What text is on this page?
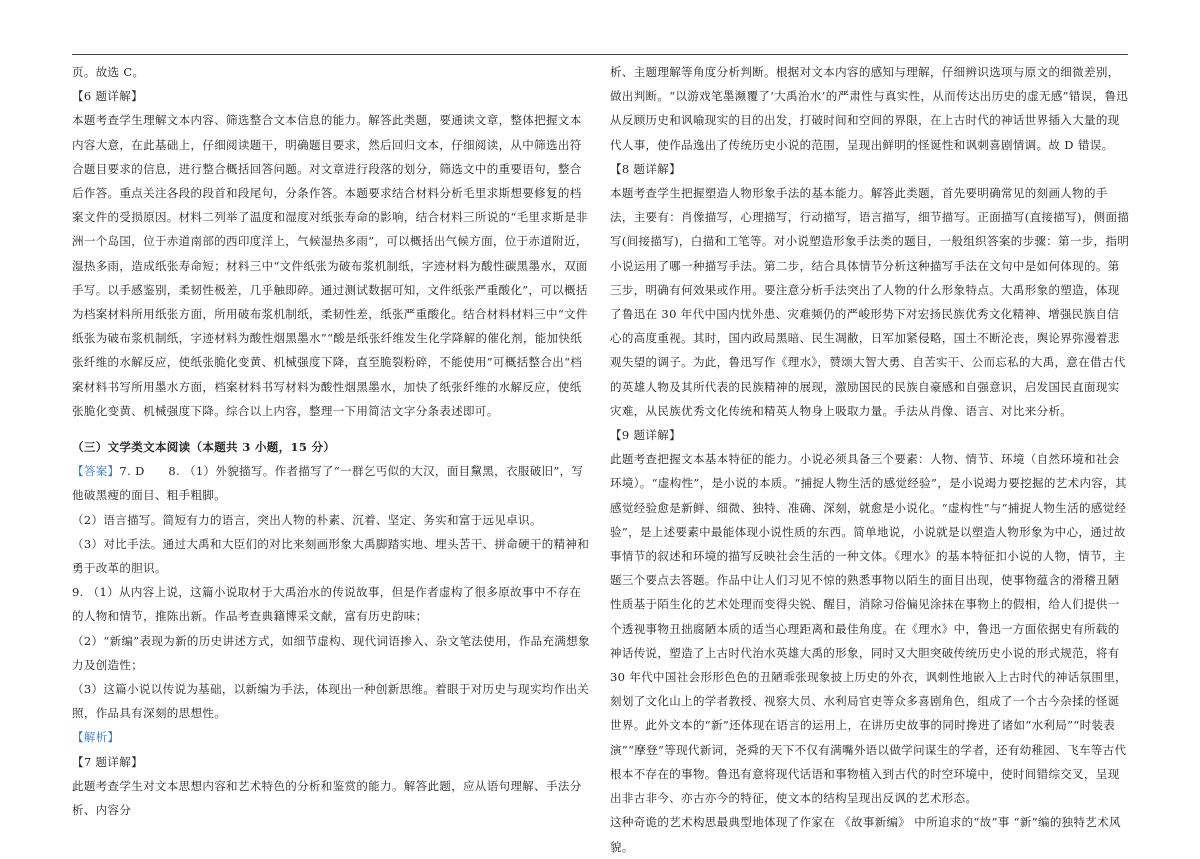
页。故选 C。

【6 题详解】

本题考查学生理解文本内容、筛选整合文本信息的能力。解答此类题，要通读文章，整体把握文本内容大意，在此基础上，仔细阅读题干，明确题目要求，然后回归文本，仔细阅读，从中筛选出符合题目要求的信息，进行整合概括回答问题。对文章进行段落的划分，筛选文中的重要语句，整合后作答。重点关注各段的段首和段尾句，分条作答。本题要求结合材料分析毛里求斯想要修复的档案文件的受损原因。材料二列举了温度和湿度对纸张寿命的影响，结合材料三所说的“毛里求斯是非洲一个岛国，位于赤道南部的西印度洋上，气候湿热多雨”，可以概括出气候方面，位于赤道附近，湿热多雨，造成纸张寿命短；材料三中“文件纸张为破布浆机制纸，字迹材料为酸性碳黑墨水，双面手写。以手感鉴别，柔韧性极差，几乎触即碎。通过测试数据可知，文件纸张严重酸化”，可以概括为档案材料所用纸张方面，所用破布浆机制纸，柔韧性差，纸张严重酸化。结合材料材料三中“文件纸张为破布浆机制纸，字迹材料为酸性烟黑墨水”“酸是纸张纤维发生化学降解的催化剂，能加快纸张纤维的水解反应，使纸张脆化变黄、机械强度下降，直至脆裂粉碎，不能使用”可概括整合出“档案材料书写所用墨水方面，档案材料书写材料为酸性烟黑墨水，加快了纸张纤维的水解反应，使纸张脆化变黄、机械强度下降。综合以上内容，整理一下用简洁文字分条表述即可。

（三）文学类文本阅读（本题共 3 小题，15 分）

【答案】7. D　　8. （1）外貌描写。作者描写了“一群乞丐似的大汉，面目黧黑，衣服破旧”，写他破黑瘦的面目、粗手粗脚。

（2）语言描写。简短有力的语言，突出人物的朴素、沉着、坚定、务实和富于远见卓识。

（3）对比手法。通过大禹和大臣们的对比来刻画形象大禹脚踏实地、埋头苦干、拼命硬干的精神和勇于改革的胆识。

9. （1）从内容上说，这篇小说取材于大禹治水的传说故事，但是作者虚构了很多原故事中不存在的人物和情节，推陈出新。作品考查典籍博采文献，富有历史韵味；

（2）“新编”表现为新的历史讲述方式，如细节虚构、现代词语掺入、杂文笔法使用，作品充满想象力及创造性；

（3）这篇小说以传说为基础，以新编为手法，体现出一种创新思维。着眼于对历史与现实均作出关照，作品具有深刻的思想性。

【解析】

【7 题详解】

此题考查学生对文本思想内容和艺术特色的分析和鉴赏的能力。解答此题，应从语句理解、手法分析、内容分

析、主题理解等角度分析判断。根据对文本内容的感知与理解，仔细辨识选项与原文的细微差别，做出判断。“以游戏笔墨濒覆了‘大禹治水’的严肃性与真实性，从而传达出历史的虚无感”错误，鲁迅从反顾历史和讽喻现实的目的出发，打破时间和空间的界限，在上古时代的神话世界插入大量的现代人事，使作品逸出了传统历史小说的范围，呈现出鲜明的怪诞性和讽刺喜剧情调。故 D 错误。

【8 题详解】

本题考查学生把握塑造人物形象手法的基本能力。解答此类题，首先要明确常见的刻画人物的手法，主要有：肖像描写，心理描写，行动描写，语言描写，细节描写。正面描写(直接描写)，侧面描写(间接描写)，白描和工笔等。对小说塑造形象手法类的题目，一般组织答案的步骤：第一步，指明小说运用了哪一种描写手法。第二步，结合具体情节分析这种描写手法在文句中是如何体现的。第三步，明确有何效果或作用。要注意分析手法突出了人物的什么形象特点。大禹形象的塑造，体现了鲁迅在 30 年代中国内忧外患、灾难频仍的严峻形势下对宏扬民族优秀文化精神、增强民族自信心的高度重视。其时，国内政局黑暗、民生凋敝，日军加紧侵略，国土不断沦丧，舆论界弥漫着悲观失望的调子。为此，鲁迅写作《理水》，赞颂大智大勇、自苦实干、公而忘私的大禹，意在借古代的英雄人物及其所代表的民族精神的展现，激励国民的民族自豪感和自强意识，启发国民直面现实灾难，从民族优秀文化传统和精英人物身上吸取力量。手法从肖像、语言、对比来分析。

【9 题详解】

此题考查把握文本基本特征的能力。小说必须具备三个要素：人物、情节、环境（自然环境和社会环境）。“虚构性”，是小说的本质。“捕捉人物生活的感觉经验”，是小说竭力要挖掘的艺术内容，其感觉经验愈是新鲜、细微、独特、准确、深刻，就愈是小说化。“虚构性”与“捕捉人物生活的感觉经验”，是上述要素中最能体现小说性质的东西。简单地说，小说就是以塑造人物形象为中心，通过故事情节的叙述和环境的描写反映社会生活的一种文体。《理水》的基本特征扣小说的人物，情节，主题三个要点去答题。作品中让人们习见不惊的熟悉事物以陌生的面目出现，使事物蕴含的滑稽丑陋性质基于陌生化的艺术处理而变得尖锐、醒目，消除习俗偏见涂抹在事物上的假相，给人们提供一个透视事物丑拙腐陋本质的适当心理距离和最佳角度。在《理水》中，鲁迅一方面依据史有所载的神话传说，塑造了上古时代治水英雄大禹的形象，同时又大胆突破传统历史小说的形式规范，将有 30 年代中国社会形形色色的丑陋乖张现象披上历史的外衣，讽刺性地嵌入上古时代的神话氛围里，刻划了文化山上的学者教授、视察大员、水利局官吏等众多喜剧角色，组成了一个古今杂揉的怪诞世界。此外文本的“新”还体现在语言的运用上，在讲历史故事的同时搀进了诸如“水利局”“时装表演”“摩登”等现代新词，尧舜的天下不仅有满嘴外语以做学问谋生的学者，还有幼稚园、飞车等古代根本不存在的事物。鲁迅有意将现代话语和事物植入到古代的时空环境中，使时间错综交叉，呈现出非古非今、亦古亦今的特征，使文本的结构呈现出反讽的艺术形态。

这种奇诡的艺术构思最典型地体现了作家在 《故事新编》 中所追求的“故”事 “新”编的独特艺术风貌。
